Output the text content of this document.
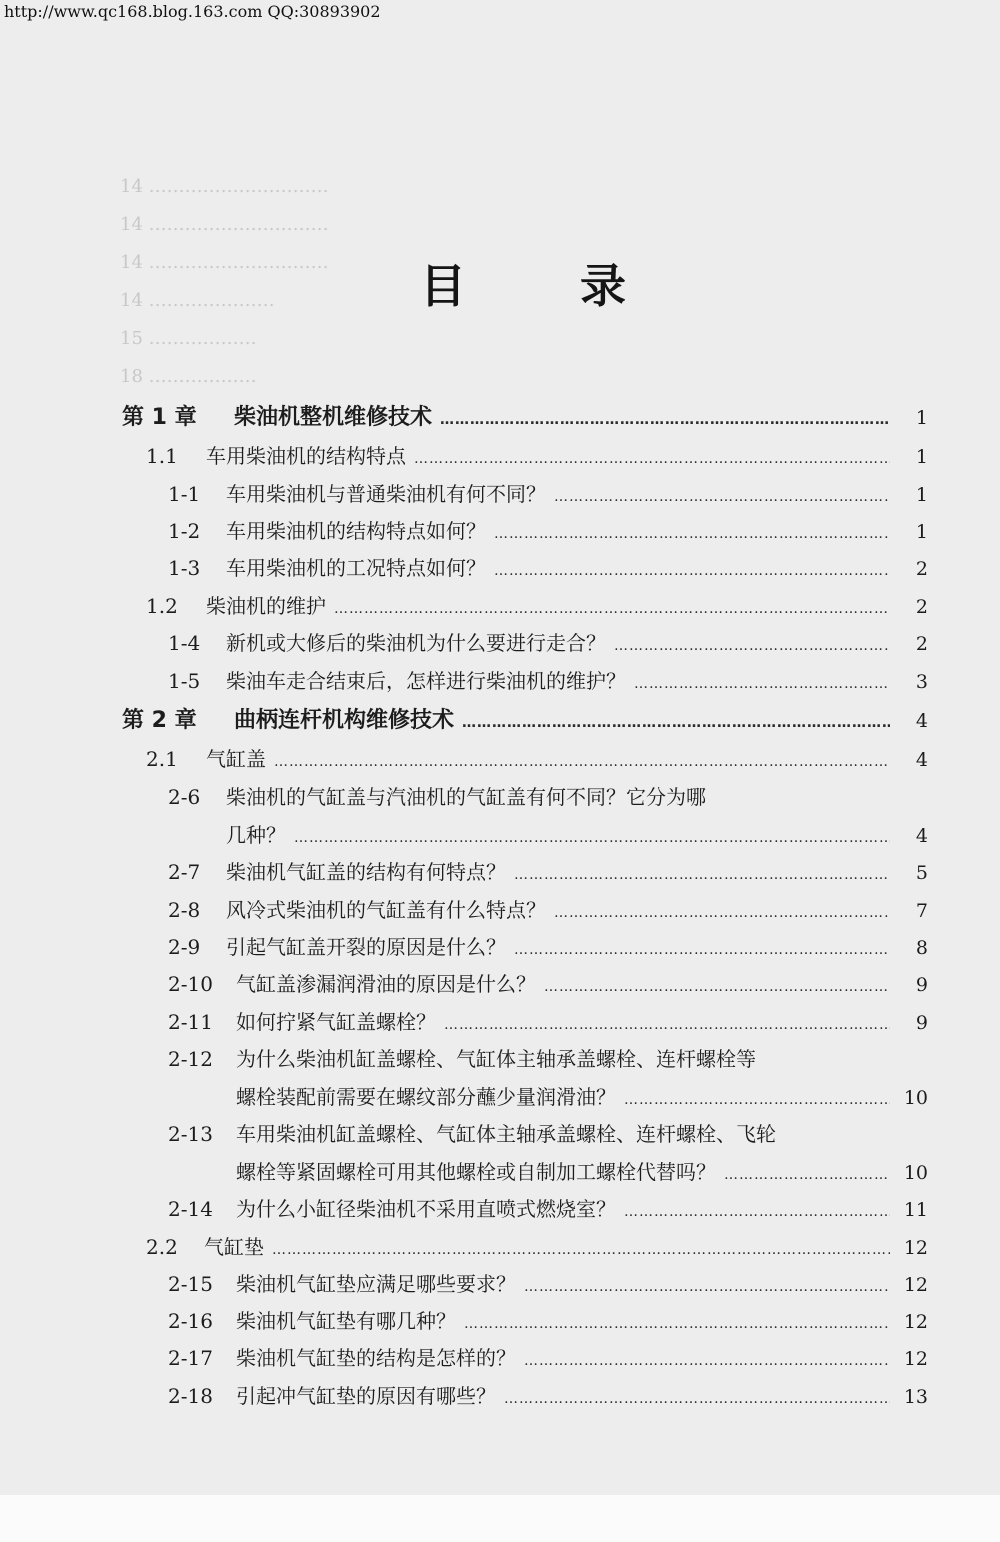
http://www.qc168.blog.163.com QQ:30893902
14 …………………………
14 …………………………
14 …………………………
14 …………………
15 ………………
18 ………………
目 录
第 1 章	柴油机整机维修技术 ………………………………………………………………………………………………………………………………………………………	1
1.1	车用柴油机的结构特点 ………………………………………………………………………………………………………………………………………………………	1
1-1	车用柴油机与普通柴油机有何不同？ ………………………………………………………………………………………………………………………………………………………	1
1-2	车用柴油机的结构特点如何？ ………………………………………………………………………………………………………………………………………………………	1
1-3	车用柴油机的工况特点如何？ ………………………………………………………………………………………………………………………………………………………	2
1.2	柴油机的维护 ………………………………………………………………………………………………………………………………………………………	2
1-4	新机或大修后的柴油机为什么要进行走合？ ………………………………………………………………………………………………………………………………………………………	2
1-5	柴油车走合结束后，怎样进行柴油机的维护？ ………………………………………………………………………………………………………………………………………………………	3
第 2 章	曲柄连杆机构维修技术 ………………………………………………………………………………………………………………………………………………………	4
2.1	气缸盖 ………………………………………………………………………………………………………………………………………………………	4
2-6 柴油机的气缸盖与汽油机的气缸盖有何不同？它分为哪
几种？ ………………………………………………………………………………………………………………………………………………………	4
2-7	柴油机气缸盖的结构有何特点？ ………………………………………………………………………………………………………………………………………………………	5
2-8	风冷式柴油机的气缸盖有什么特点？ ………………………………………………………………………………………………………………………………………………………	7
2-9	引起气缸盖开裂的原因是什么？ ………………………………………………………………………………………………………………………………………………………	8
2-10	气缸盖渗漏润滑油的原因是什么？ ………………………………………………………………………………………………………………………………………………………	9
2-11	如何拧紧气缸盖螺栓？ ………………………………………………………………………………………………………………………………………………………	9
2-12 为什么柴油机缸盖螺栓、气缸体主轴承盖螺栓、连杆螺栓等
螺栓装配前需要在螺纹部分蘸少量润滑油？ ………………………………………………………………………………………………………………………………………………………	10
2-13 车用柴油机缸盖螺栓、气缸体主轴承盖螺栓、连杆螺栓、飞轮
螺栓等紧固螺栓可用其他螺栓或自制加工螺栓代替吗？ ………………………………………………………………………………………………………………………………………………………	10
2-14	为什么小缸径柴油机不采用直喷式燃烧室？ ………………………………………………………………………………………………………………………………………………………	11
2.2	气缸垫 ………………………………………………………………………………………………………………………………………………………	12
2-15	柴油机气缸垫应满足哪些要求？ ………………………………………………………………………………………………………………………………………………………	12
2-16	柴油机气缸垫有哪几种？ ………………………………………………………………………………………………………………………………………………………	12
2-17	柴油机气缸垫的结构是怎样的？ ………………………………………………………………………………………………………………………………………………………	12
2-18	引起冲气缸垫的原因有哪些？ ………………………………………………………………………………………………………………………………………………………	13
